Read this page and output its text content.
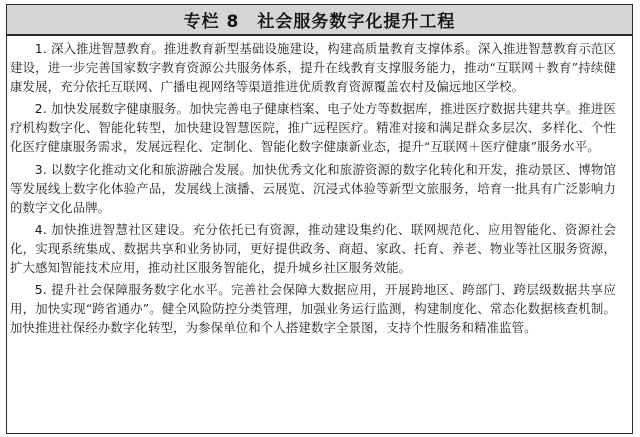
专栏 8　社会服务数字化提升工程

1. 深入推进智慧教育。推进教育新型基础设施建设，构建高质量教育支撑体系。深入推进智慧教育示范区建设，进一步完善国家数字教育资源公共服务体系，提升在线教育支撑服务能力，推动“互联网＋教育”持续健康发展，充分依托互联网、广播电视网络等渠道推进优质教育资源覆盖农村及偏远地区学校。

2. 加快发展数字健康服务。加快完善电子健康档案、电子处方等数据库，推进医疗数据共建共享。推进医疗机构数字化、智能化转型，加快建设智慧医院，推广远程医疗。精准对接和满足群众多层次、多样化、个性化医疗健康服务需求，发展远程化、定制化、智能化数字健康新业态，提升“互联网＋医疗健康”服务水平。

3. 以数字化推动文化和旅游融合发展。加快优秀文化和旅游资源的数字化转化和开发，推动景区、博物馆等发展线上数字化体验产品，发展线上演播、云展览、沉浸式体验等新型文旅服务，培育一批具有广泛影响力的数字文化品牌。

4. 加快推进智慧社区建设。充分依托已有资源，推动建设集约化、联网规范化、应用智能化、资源社会化，实现系统集成、数据共享和业务协同，更好提供政务、商超、家政、托育、养老、物业等社区服务资源，扩大感知智能技术应用，推动社区服务智能化，提升城乡社区服务效能。

5. 提升社会保障服务数字化水平。完善社会保障大数据应用，开展跨地区、跨部门、跨层级数据共享应用，加快实现“跨省通办”。健全风险防控分类管理，加强业务运行监测，构建制度化、常态化数据核查机制。加快推进社保经办数字化转型，为参保单位和个人搭建数字全景图，支持个性服务和精准监管。
